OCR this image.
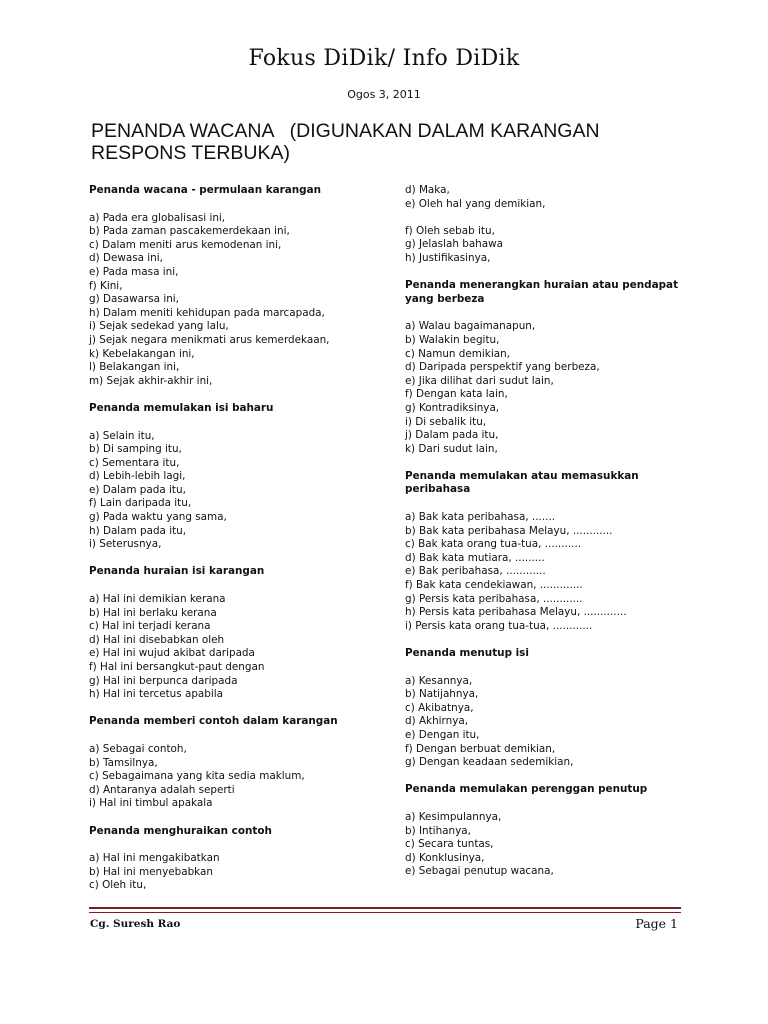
Fokus DiDik/ Info DiDik
Ogos 3, 2011
PENANDA WACANA   (DIGUNAKAN DALAM KARANGAN
RESPONS TERBUKA)
Penanda wacana - permulaan karangan
a) Pada era globalisasi ini,
b) Pada zaman pascakemerdekaan ini,
c) Dalam meniti arus kemodenan ini,
d) Dewasa ini,
e) Pada masa ini,
f) Kini,
g) Dasawarsa ini,
h) Dalam meniti kehidupan pada marcapada,
i) Sejak sedekad yang lalu,
j) Sejak negara menikmati arus kemerdekaan,
k) Kebelakangan ini,
l) Belakangan ini,
m) Sejak akhir-akhir ini,
Penanda memulakan isi baharu
a) Selain itu,
b) Di samping itu,
c) Sementara itu,
d) Lebih-lebih lagi,
e) Dalam pada itu,
f) Lain daripada itu,
g) Pada waktu yang sama,
h) Dalam pada itu,
i) Seterusnya,
Penanda huraian isi karangan
a) Hal ini demikian kerana
b) Hal ini berlaku kerana
c) Hal ini terjadi kerana
d) Hal ini disebabkan oleh
e) Hal ini wujud akibat daripada
f) Hal ini bersangkut-paut dengan
g) Hal ini berpunca daripada
h) Hal ini tercetus apabila
Penanda memberi contoh dalam karangan
a) Sebagai contoh,
b) Tamsilnya,
c) Sebagaimana yang kita sedia maklum,
d) Antaranya adalah seperti
i) Hal ini timbul apakala
Penanda menghuraikan contoh
a) Hal ini mengakibatkan
b) Hal ini menyebabkan
c) Oleh itu,
d) Maka,
e) Oleh hal yang demikian,
f) Oleh sebab itu,
g) Jelaslah bahawa
h) Justifikasinya,
Penanda menerangkan huraian atau pendapat yang berbeza
a) Walau bagaimanapun,
b) Walakin begitu,
c) Namun demikian,
d) Daripada perspektif yang berbeza,
e) Jika dilihat dari sudut lain,
f) Dengan kata lain,
g) Kontradiksinya,
i) Di sebalik itu,
j) Dalam pada itu,
k) Dari sudut lain,
Penanda memulakan atau memasukkan peribahasa
a) Bak kata peribahasa, .......
b) Bak kata peribahasa Melayu, ............
c) Bak kata orang tua-tua, ...........
d) Bak kata mutiara, .........
e) Bak peribahasa, ............
f) Bak kata cendekiawan, .............
g) Persis kata peribahasa, ............
h) Persis kata peribahasa Melayu, .............
i) Persis kata orang tua-tua, ............
Penanda menutup isi
a) Kesannya,
b) Natijahnya,
c) Akibatnya,
d) Akhirnya,
e) Dengan itu,
f) Dengan berbuat demikian,
g) Dengan keadaan sedemikian,
Penanda memulakan perenggan penutup
a) Kesimpulannya,
b) Intihanya,
c) Secara tuntas,
d) Konklusinya,
e) Sebagai penutup wacana,
Cg. Suresh Rao	Page 1
